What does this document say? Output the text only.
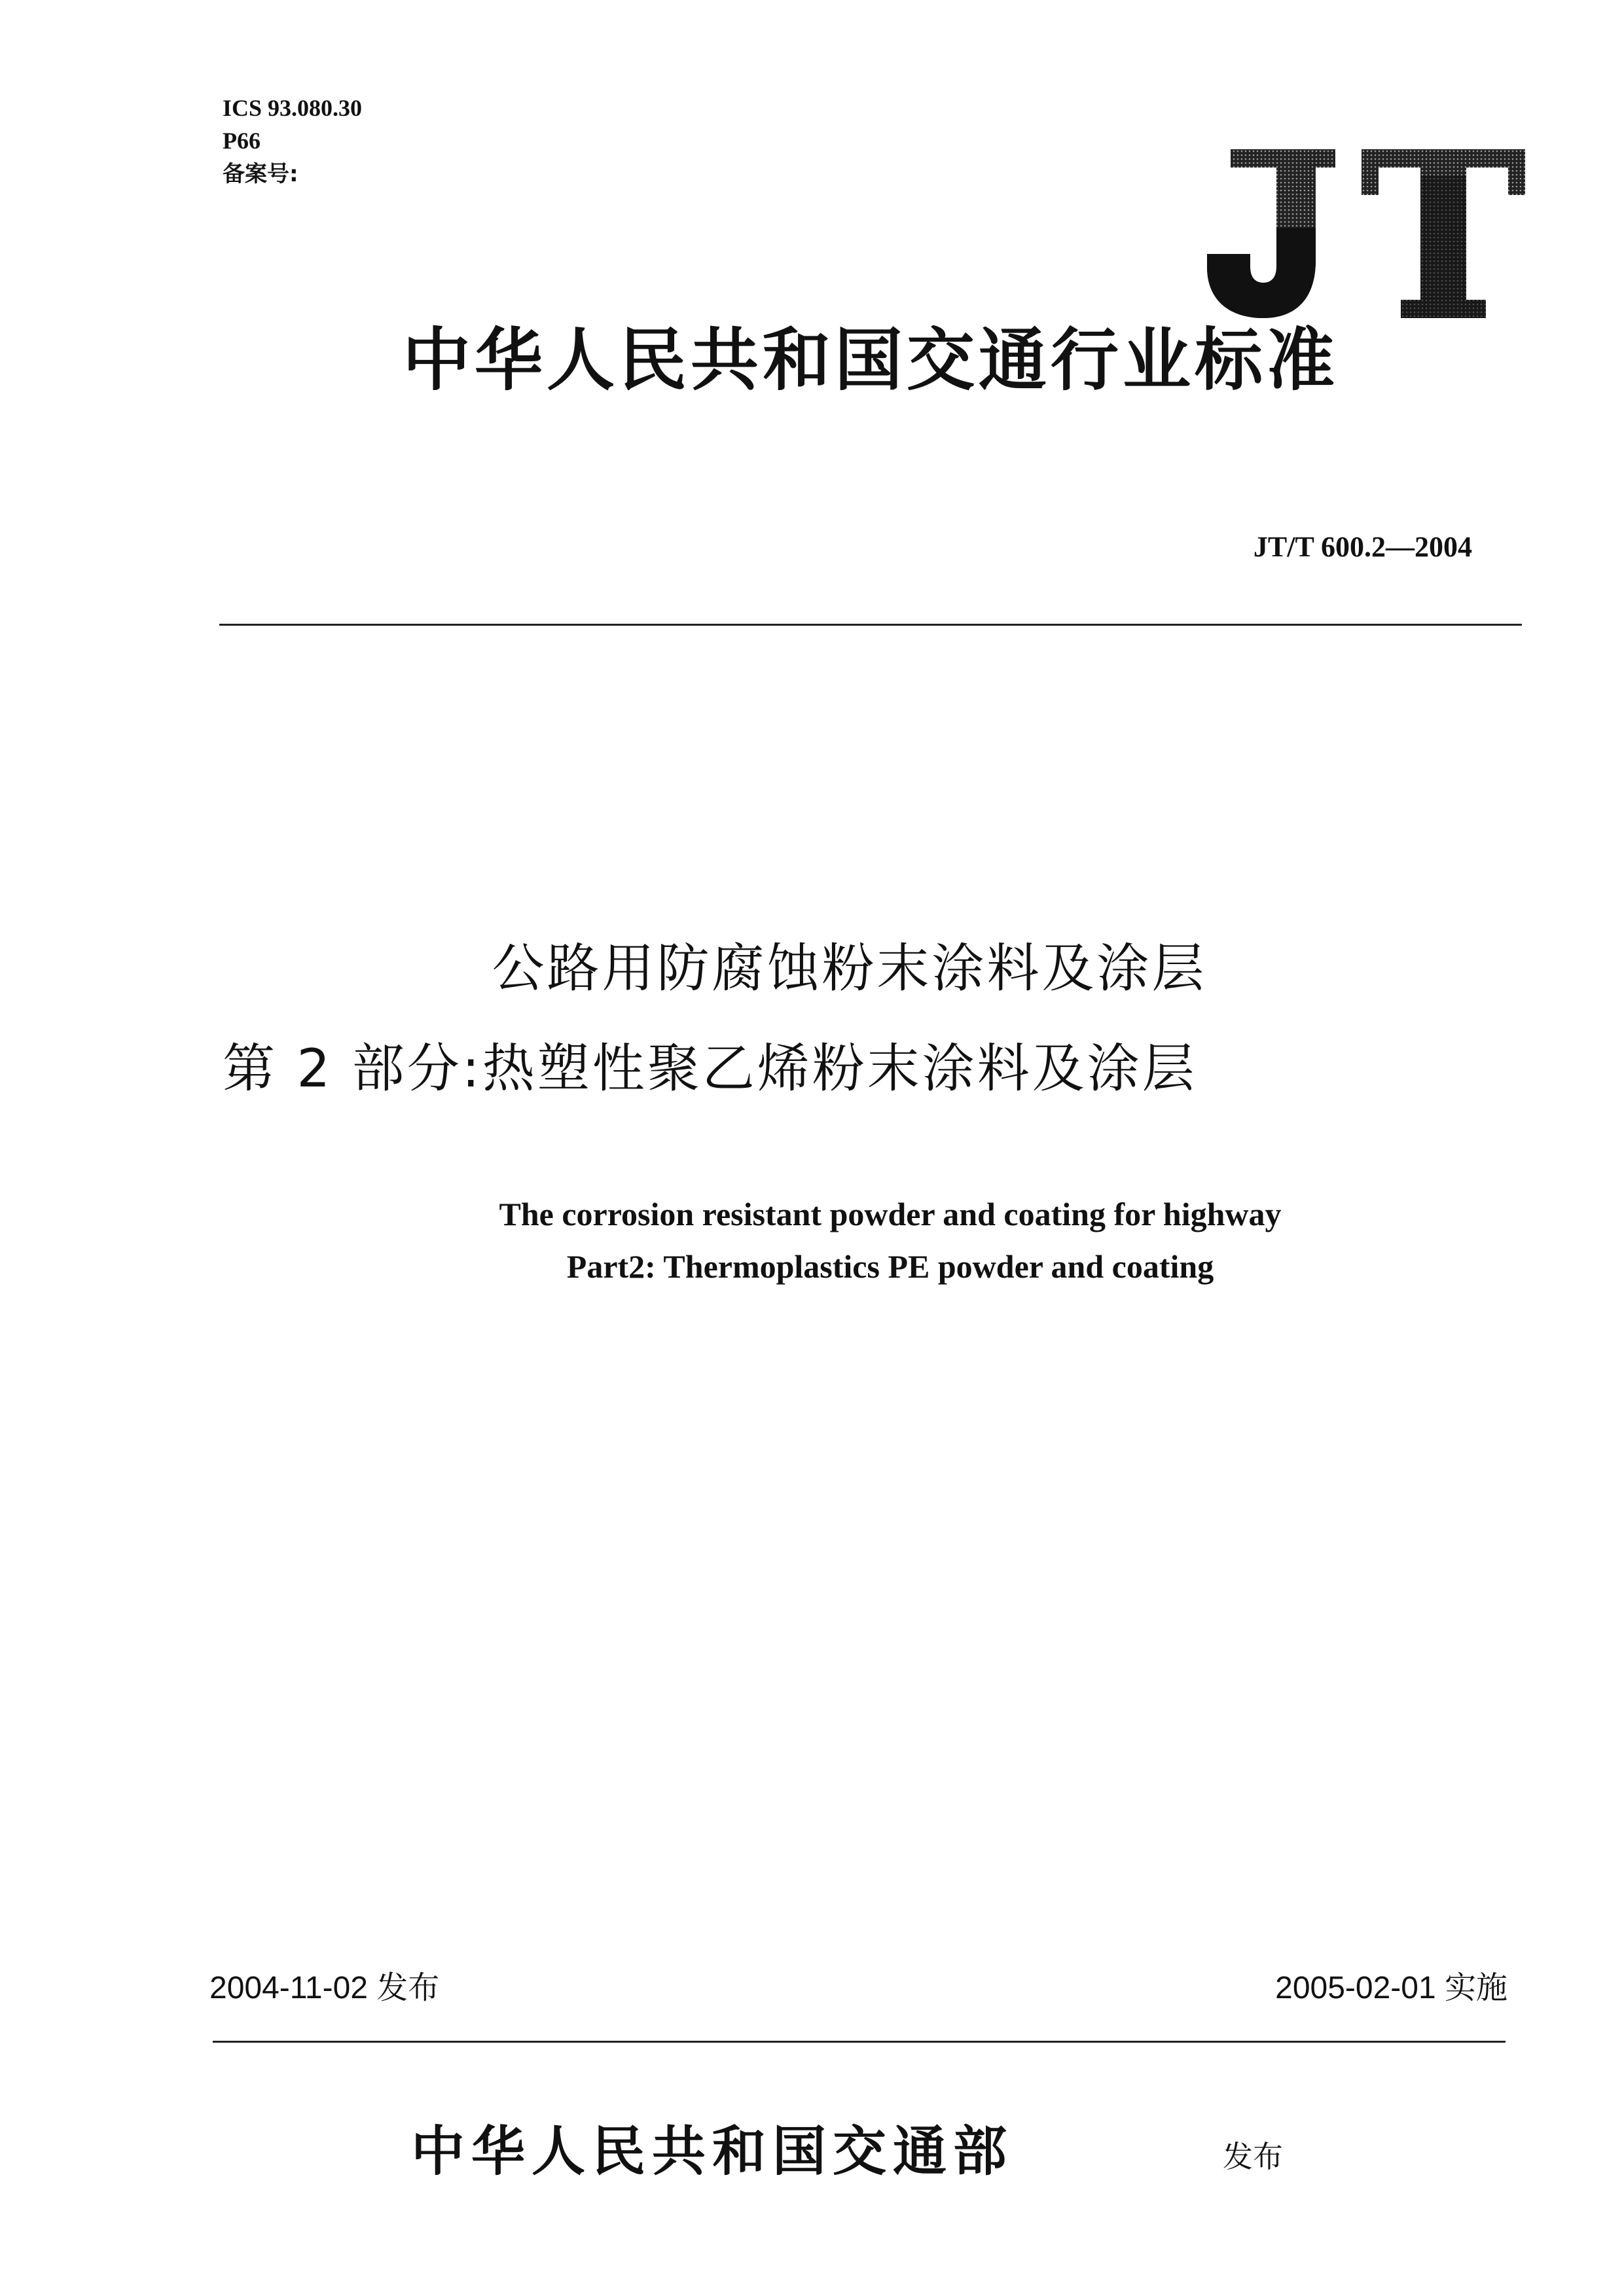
ICS 93.080.30
P66
备案号:
中华人民共和国交通行业标准
JT/T 600.2—2004
公路用防腐蚀粉末涂料及涂层
第 2 部分:热塑性聚乙烯粉末涂料及涂层
The corrosion resistant powder and coating for highway
Part2: Thermoplastics PE powder and coating
2004-11-02 发布	2005-02-01 实施
中华人民共和国交通部	发布
